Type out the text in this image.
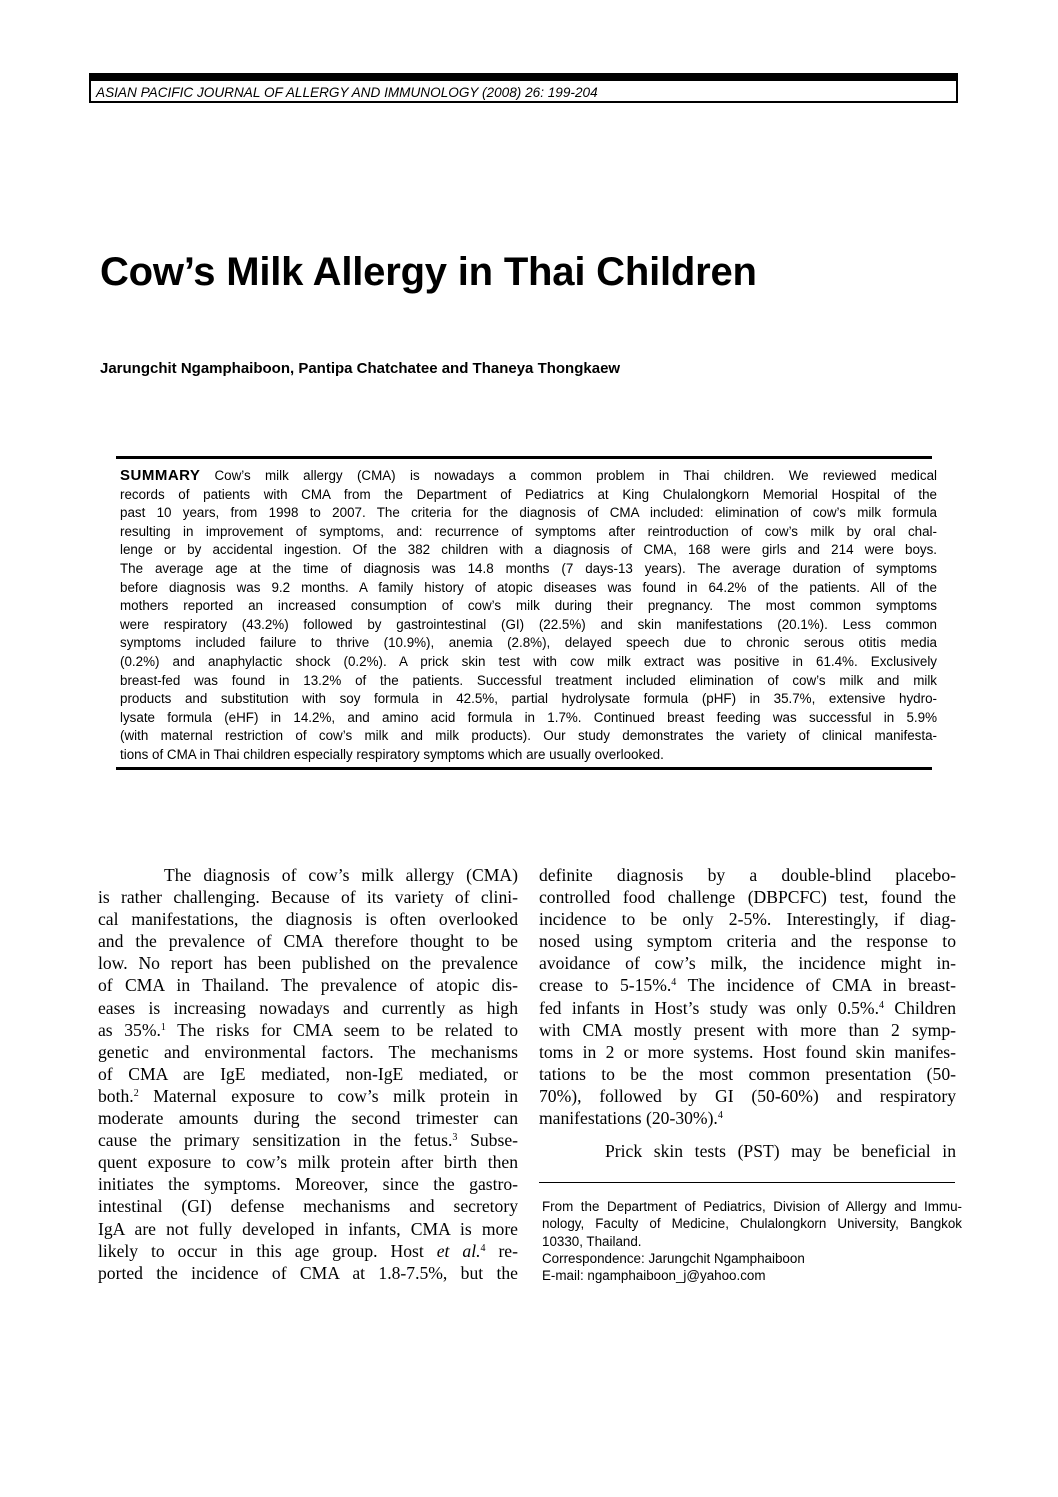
ASIAN PACIFIC JOURNAL OF ALLERGY AND IMMUNOLOGY (2008) 26: 199-204
Cow’s Milk Allergy in Thai Children
Jarungchit Ngamphaiboon, Pantipa Chatchatee and Thaneya Thongkaew
SUMMARY Cow’s milk allergy (CMA) is nowadays a common problem in Thai children. We reviewed medical
records of patients with CMA from the Department of Pediatrics at King Chulalongkorn Memorial Hospital of the
past 10 years, from 1998 to 2007. The criteria for the diagnosis of CMA included: elimination of cow’s milk formula
resulting in improvement of symptoms, and: recurrence of symptoms after reintroduction of cow’s milk by oral chal-
lenge or by accidental ingestion. Of the 382 children with a diagnosis of CMA, 168 were girls and 214 were boys.
The average age at the time of diagnosis was 14.8 months (7 days-13 years). The average duration of symptoms
before diagnosis was 9.2 months. A family history of atopic diseases was found in 64.2% of the patients. All of the
mothers reported an increased consumption of cow’s milk during their pregnancy. The most common symptoms
were respiratory (43.2%) followed by gastrointestinal (GI) (22.5%) and skin manifestations (20.1%). Less common
symptoms included failure to thrive (10.9%), anemia (2.8%), delayed speech due to chronic serous otitis media
(0.2%) and anaphylactic shock (0.2%). A prick skin test with cow milk extract was positive in 61.4%. Exclusively
breast-fed was found in 13.2% of the patients. Successful treatment included elimination of cow’s milk and milk
products and substitution with soy formula in 42.5%, partial hydrolysate formula (pHF) in 35.7%, extensive hydro-
lysate formula (eHF) in 14.2%, and amino acid formula in 1.7%. Continued breast feeding was successful in 5.9%
(with maternal restriction of cow’s milk and milk products). Our study demonstrates the variety of clinical manifesta-
tions of CMA in Thai children especially respiratory symptoms which are usually overlooked.
The diagnosis of cow’s milk allergy (CMA)
is rather challenging. Because of its variety of clini-
cal manifestations, the diagnosis is often overlooked
and the prevalence of CMA therefore thought to be
low. No report has been published on the prevalence
of CMA in Thailand. The prevalence of atopic dis-
eases is increasing nowadays and currently as high
as 35%.$^1$ The risks for CMA seem to be related to
genetic and environmental factors. The mechanisms
of CMA are IgE mediated, non-IgE mediated, or
both.$^2$ Maternal exposure to cow’s milk protein in
moderate amounts during the second trimester can
cause the primary sensitization in the fetus.$^3$ Subse-
quent exposure to cow’s milk protein after birth then
initiates the symptoms. Moreover, since the gastro-
intestinal (GI) defense mechanisms and secretory
IgA are not fully developed in infants, CMA is more
likely to occur in this age group. Host et al.$^4$ re-
ported the incidence of CMA at 1.8-7.5%, but the
definite diagnosis by a double-blind placebo-
controlled food challenge (DBPCFC) test, found the
incidence to be only 2-5%. Interestingly, if diag-
nosed using symptom criteria and the response to
avoidance of cow’s milk, the incidence might in-
crease to 5-15%.$^4$ The incidence of CMA in breast-
fed infants in Host’s study was only 0.5%.$^4$ Children
with CMA mostly present with more than 2 symp-
toms in 2 or more systems. Host found skin manifes-
tations to be the most common presentation (50-
70%), followed by GI (50-60%) and respiratory
manifestations (20-30%).$^4$
Prick skin tests (PST) may be beneficial in
From the Department of Pediatrics, Division of Allergy and Immu-
nology, Faculty of Medicine, Chulalongkorn University, Bangkok
10330, Thailand.
Correspondence: Jarungchit Ngamphaiboon
E-mail: ngamphaiboon_j@yahoo.com
